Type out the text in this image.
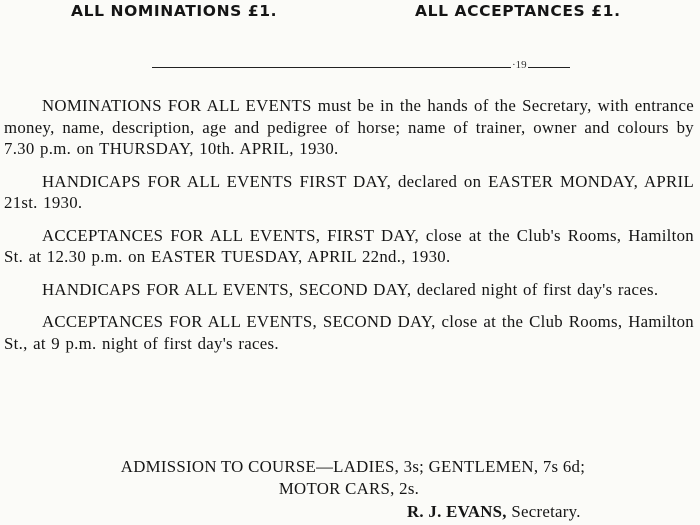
ALL NOMINATIONS £1.	ALL ACCEPTANCES £1.
·19

NOMINATIONS FOR ALL EVENTS must be in the hands of the Secretary, with entrance money, name, description, age and pedigree of horse; name of trainer, owner and colours by 7.30 p.m. on THURSDAY, 10th. APRIL, 1930.

HANDICAPS FOR ALL EVENTS FIRST DAY, declared on EASTER MONDAY, APRIL 21st. 1930.

ACCEPTANCES FOR ALL EVENTS, FIRST DAY, close at the Club's Rooms, Hamilton St. at 12.30 p.m. on EASTER TUESDAY, APRIL 22nd., 1930.

HANDICAPS FOR ALL EVENTS, SECOND DAY, declared night of first day's races.

ACCEPTANCES FOR ALL EVENTS, SECOND DAY, close at the Club Rooms, Hamilton St., at 9 p.m. night of first day's races.

ADMISSION TO COURSE—LADIES, 3s; GENTLEMEN, 7s 6d;
MOTOR CARS, 2s.
R. J. EVANS, Secretary.
